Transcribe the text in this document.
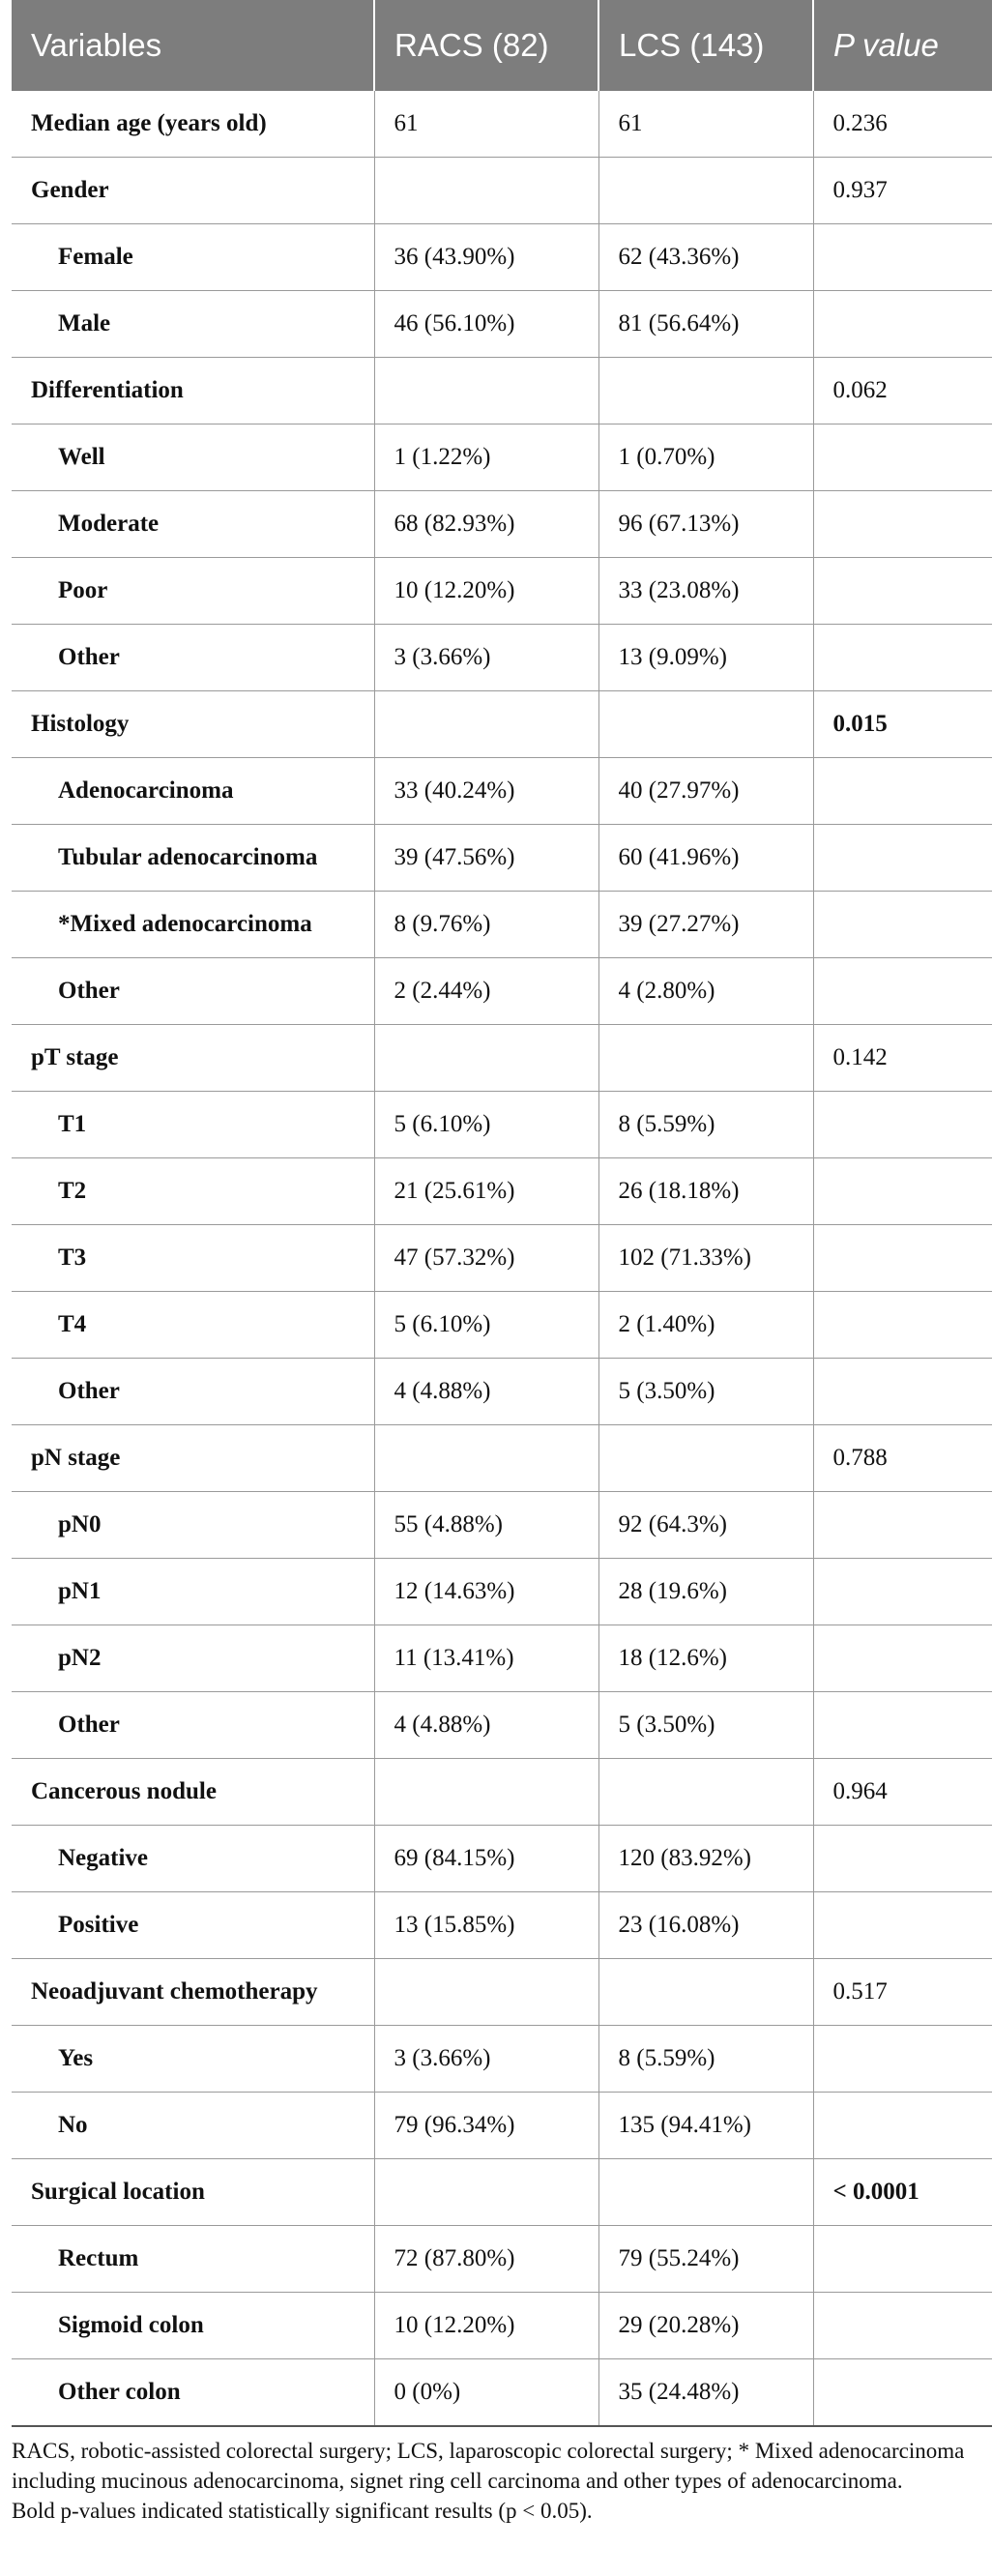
Variables	RACS (82)	LCS (143)	P value
Median age (years old)	61	61	0.236
Gender			0.937
Female	36 (43.90%)	62 (43.36%)	
Male	46 (56.10%)	81 (56.64%)	
Differentiation			0.062
Well	1 (1.22%)	1 (0.70%)	
Moderate	68 (82.93%)	96 (67.13%)	
Poor	10 (12.20%)	33 (23.08%)	
Other	3 (3.66%)	13 (9.09%)	
Histology			0.015
Adenocarcinoma	33 (40.24%)	40 (27.97%)	
Tubular adenocarcinoma	39 (47.56%)	60 (41.96%)	
*Mixed adenocarcinoma	8 (9.76%)	39 (27.27%)	
Other	2 (2.44%)	4 (2.80%)	
pT stage			0.142
T1	5 (6.10%)	8 (5.59%)	
T2	21 (25.61%)	26 (18.18%)	
T3	47 (57.32%)	102 (71.33%)	
T4	5 (6.10%)	2 (1.40%)	
Other	4 (4.88%)	5 (3.50%)	
pN stage			0.788
pN0	55 (4.88%)	92 (64.3%)	
pN1	12 (14.63%)	28 (19.6%)	
pN2	11 (13.41%)	18 (12.6%)	
Other	4 (4.88%)	5 (3.50%)	
Cancerous nodule			0.964
Negative	69 (84.15%)	120 (83.92%)	
Positive	13 (15.85%)	23 (16.08%)	
Neoadjuvant chemotherapy			0.517
Yes	3 (3.66%)	8 (5.59%)	
No	79 (96.34%)	135 (94.41%)	
Surgical location			< 0.0001
Rectum	72 (87.80%)	79 (55.24%)	
Sigmoid colon	10 (12.20%)	29 (20.28%)	
Other colon	0 (0%)	35 (24.48%)	
RACS, robotic-assisted colorectal surgery; LCS, laparoscopic colorectal surgery; * Mixed adenocarcinoma including mucinous adenocarcinoma, signet ring cell carcinoma and other types of adenocarcinoma.
Bold p-values indicated statistically significant results (p < 0.05).
